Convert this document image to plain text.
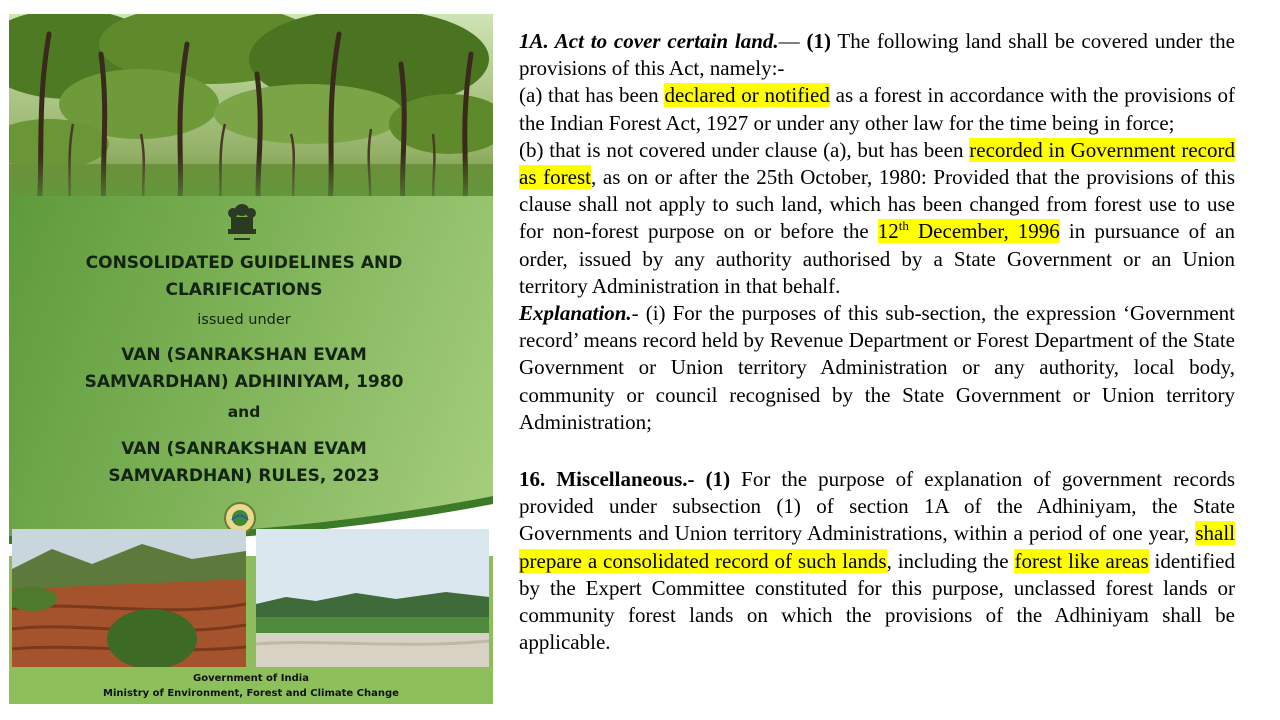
CONSOLIDATED GUIDELINES AND
CLARIFICATIONS
issued under
VAN (SANRAKSHAN EVAM
SAMVARDHAN) ADHINIYAM, 1980
and
VAN (SANRAKSHAN EVAM
SAMVARDHAN) RULES, 2023
Government of India
Ministry of Environment, Forest and Climate Change

1A. Act to cover certain land.— (1) The following land shall be covered under the provisions of this Act, namely:-

(a) that has been declared or notified as a forest in accordance with the provisions of the Indian Forest Act, 1927 or under any other law for the time being in force;

(b) that is not covered under clause (a), but has been recorded in Government record as forest, as on or after the 25th October, 1980: Provided that the provisions of this clause shall not apply to such land, which has been changed from forest use to use for non-forest purpose on or before the 12th December, 1996 in pursuance of an order, issued by any authority authorised by a State Government or an Union territory Administration in that behalf.

Explanation.- (i) For the purposes of this sub-section, the expression ‘Government record’ means record held by Revenue Department or Forest Department of the State Government or Union territory Administration or any authority, local body, community or council recognised by the State Government or Union territory Administration;

16. Miscellaneous.- (1) For the purpose of explanation of government records provided under subsection (1) of section 1A of the Adhiniyam, the State Governments and Union territory Administrations, within a period of one year, shall prepare a consolidated record of such lands, including the forest like areas identified by the Expert Committee constituted for this purpose, unclassed forest lands or community forest lands on which the provisions of the Adhiniyam shall be applicable.
